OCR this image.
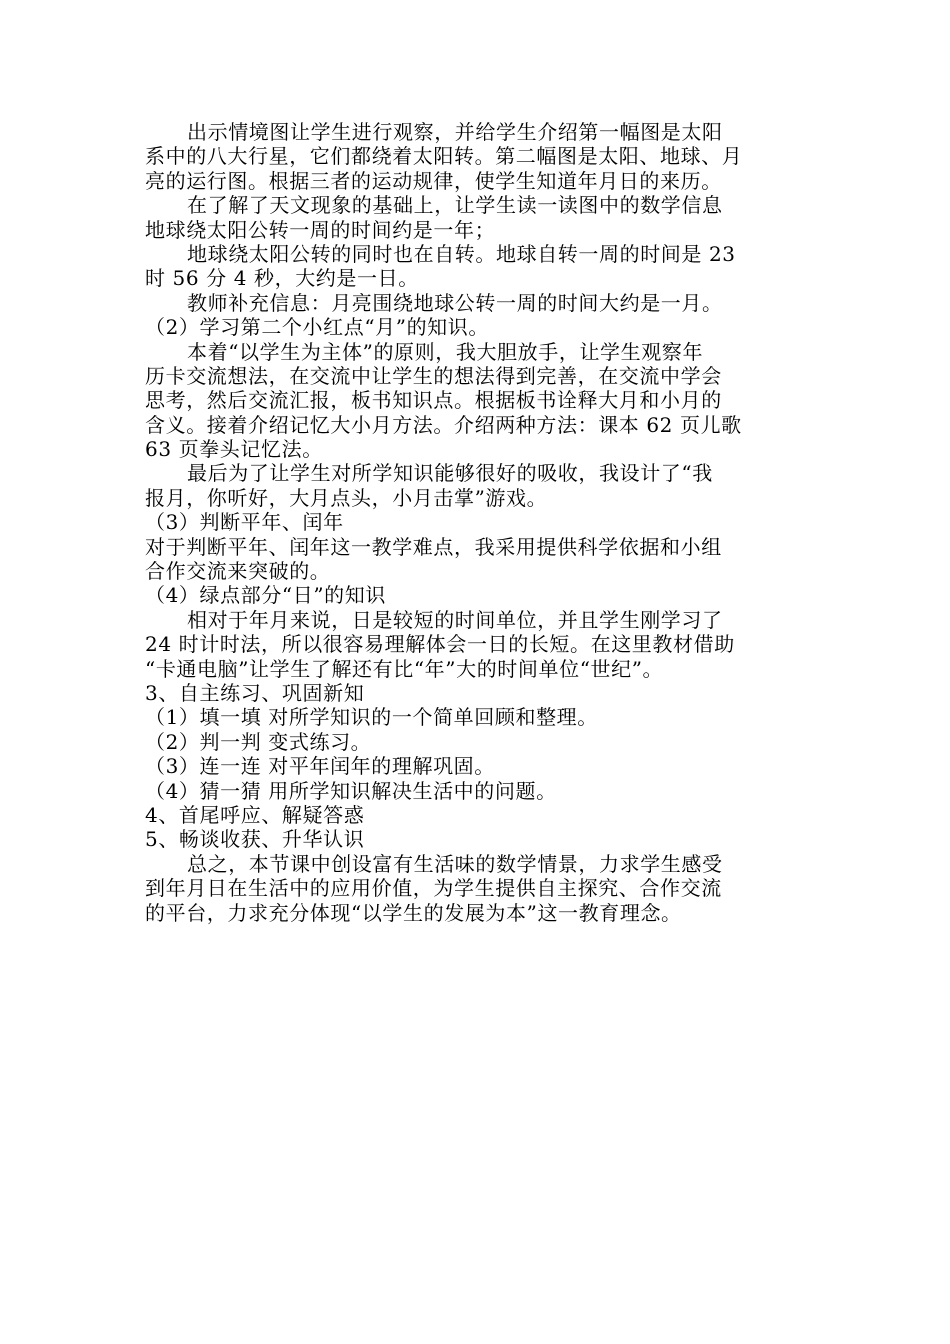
出示情境图让学生进行观察，并给学生介绍第一幅图是太阳
系中的八大行星，它们都绕着太阳转。第二幅图是太阳、地球、月
亮的运行图。根据三者的运动规律，使学生知道年月日的来历。
在了解了天文现象的基础上，让学生读一读图中的数学信息
地球绕太阳公转一周的时间约是一年；
地球绕太阳公转的同时也在自转。地球自转一周的时间是 23
时 56 分 4 秒，大约是一日。
教师补充信息：月亮围绕地球公转一周的时间大约是一月。
（2）学习第二个小红点“月”的知识。
本着“以学生为主体”的原则，我大胆放手，让学生观察年
历卡交流想法，在交流中让学生的想法得到完善，在交流中学会
思考，然后交流汇报，板书知识点。根据板书诠释大月和小月的
含义。接着介绍记忆大小月方法。介绍两种方法：课本 62 页儿歌
63 页拳头记忆法。
最后为了让学生对所学知识能够很好的吸收，我设计了“我
报月，你听好，大月点头，小月击掌”游戏。
（3）判断平年、闰年
对于判断平年、闰年这一教学难点，我采用提供科学依据和小组
合作交流来突破的。
（4）绿点部分“日”的知识
相对于年月来说，日是较短的时间单位，并且学生刚学习了
24 时计时法，所以很容易理解体会一日的长短。在这里教材借助
“卡通电脑”让学生了解还有比“年”大的时间单位“世纪”。
3、自主练习、巩固新知
（1）填一填 对所学知识的一个简单回顾和整理。
（2）判一判 变式练习。
（3）连一连 对平年闰年的理解巩固。
（4）猜一猜 用所学知识解决生活中的问题。
4、首尾呼应、解疑答惑
5、畅谈收获、升华认识
总之，本节课中创设富有生活味的数学情景，力求学生感受
到年月日在生活中的应用价值，为学生提供自主探究、合作交流
的平台，力求充分体现“以学生的发展为本”这一教育理念。
